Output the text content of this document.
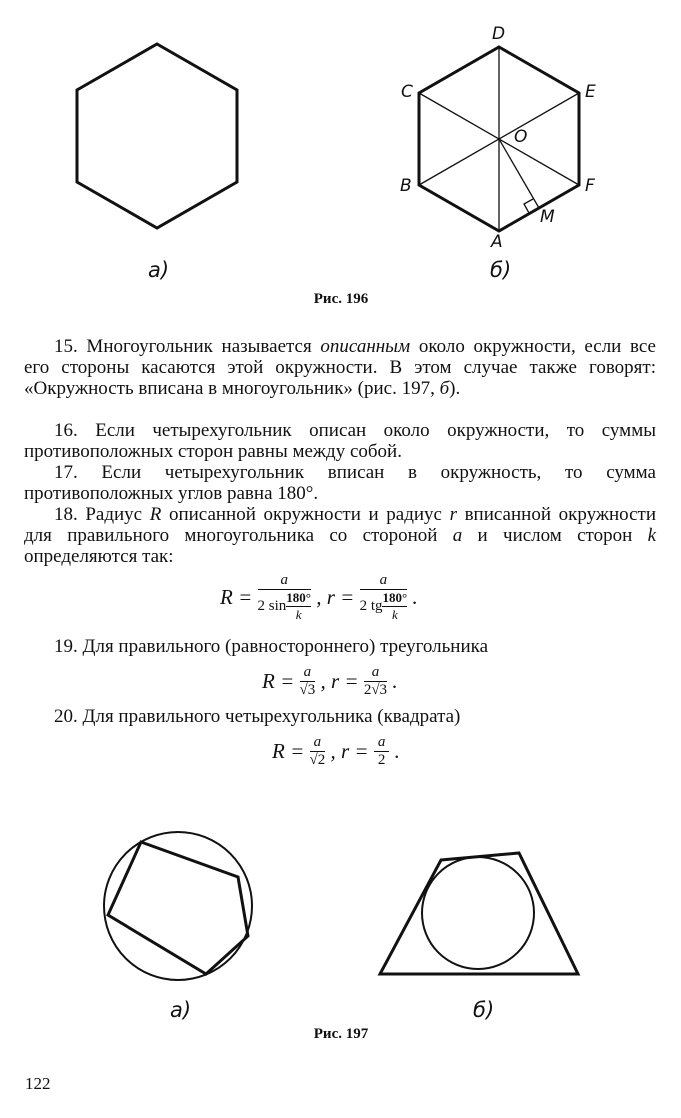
D
C	E
O
B	F
M
A
а)	б)
Рис. 196
15. Многоугольник называется описанным около окружности, если все его стороны касаются этой окружности. В этом случае также говорят: «Окружность вписана в многоугольник» (рис. 197, б).
16. Если четырехугольник описан около окружности, то суммы противоположных сторон равны между собой.
17. Если четырехугольник вписан в окружность, то сумма противоположных углов равна 180°.
18. Радиус R описанной окружности и радиус r вписанной окружности для правильного многоугольника со стороной a и числом сторон k определяются так:
$R = \frac{a}{2 \sin \frac{180^\circ}{k}}$ , $r = \frac{a}{2 tg \frac{180^\circ}{k}}$ .
19. Для правильного (равностороннего) треугольника
$R = \frac{a}{√3}$ , $r = \frac{a}{2√3}$ .
20. Для правильного четырехугольника (квадрата)
$R = \frac{a}{√2}$ , $r = \frac{a}{2}$ .
а)	б)
Рис. 197
122
